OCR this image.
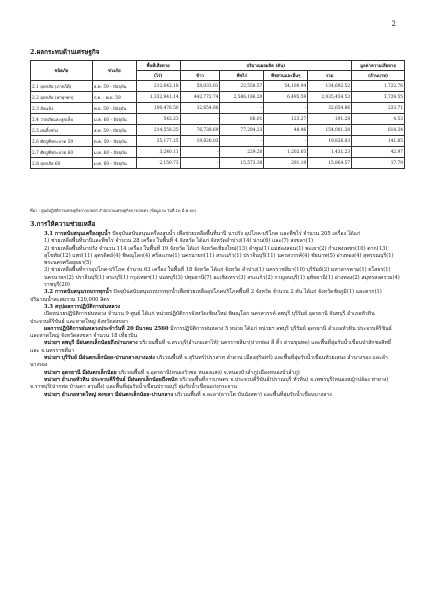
2
2.ผลกระทบด้านเศรษฐกิจ
ชนิดภัย	ช่วงภัย	พื้นที่เสียหาย	ปริมาณผลผลิต (ตัน)				มูลค่าความเสียหาย
		(ไร่)	ข้าว	พืชไร่	พืชสวนและอื่นๆ	รวม	(ล้านบาท)
2.1 อุทกภัย (ภาคใต้)	ธ.ค. 59 - ปัจจุบัน	212,642.18	58,033.01	22,558.57	54,100.94	134,692.52	1,722.76
2.2 อุทกภัย (พายุฯลฯ)	ก.ย. - พ.ย. 59	1,332,941.14	442,772.74	2,586,186.20	6,495.59	2,035,454.53	3,729.55
2.3 ภัยแล้ง	พ.ย. 59 - ปัจจุบัน	100,476.50	32,654.86	-	-	32,654.86	233.71
2.4 วาตภัยและลูกเห็บ	ม.ค. 60 - ปัจจุบัน	542.23	-	66.01	123.27	191.28	4.53
2.5 ฝนทิ้งช่วง	ส.ค. 59 - ปัจจุบัน	214,558.25	76,738.69	77,294.23	48.46	154,081.38	614.34
2.6 ศัตรูพืชระบาด 59	ต.ค. 59 - ปัจจุบัน	35,177.25	19,826.03	-	-	19,826.03	141.85
2.7 ศัตรูพืชระบาด 60	ม.ค. 60 - ปัจจุบัน	3,240.11	-	229.20	1,202.03	1,431.23	42.97
2.8 อุทกภัย 60	ม.ค. 60 - ปัจจุบัน	2,150.73	-	15,573.38	291.19	15,864.57	17.79
ที่มา : ศูนย์ปฏิบัติการเศรษฐกิจการเกษตร สำนักงานเศรษฐกิจการเกษตร (ข้อมูล ณ วันที่ 16 มี.ค.60)
3.การให้ความช่วยเหลือ
3.1 การสนับสนุนเครื่องสูบน้ำ ปัจจุบันสนับสนุนเครื่องสูบน้ำ เพื่อช่วยเหลือพื้นที่นาปี นาปรัง อุปโภค-บริโภค และพืชไร่ จำนวน 205 เครื่อง ได้แก่
1) ช่วยเหลือพื้นที่นาปีและพืชไร่ จำนวน 28 เครื่อง ในพื้นที่ 4 จังหวัด ได้แก่ จังหวัดลำปาง(14) น่าน(6) และ(7) สงขลา(1)
2) ช่วยเหลือพื้นที่นาปรัง จำนวน 114 เครื่อง ในพื้นที่ 19 จังหวัด ได้แก่ จังหวัดเชียงใหม่(13) ลำพูน(1) แม่ฮ่องสอน(1) พะเยา(2) กำแพงเพชร(10) ตาก(13) สุโขทัย(12) แพร่(11) อุตรดิตถ์(4) พิษณุโลก(4) ศรีสะเกษ(1) นครนายก(11) สระแก้ว(1) ปราจีนบุรี(11) นครสวรรค์(4) ชัยนาท(5) อ่างทอง(4) สุพรรณบุรี(1) พระนครศรีอยุธยา(5)
3) ช่วยเหลือพื้นที่การอุปโภค-บริโภค จำนวน 63 เครื่อง ในพื้นที่ 18 จังหวัด ได้แก่ จังหวัด ลำปาง(1) นครราชสีมา(10) บุรีรัมย์(2) มหาสารคาม(1) ยโสธร(1) นครนายก(2) ปราจีนบุรี(1) สระบุรี(1) กรุงเทพฯ(1) นนทบุรี(3) ปทุมธานี(7) ฉะเชิงเทรา(3) สระแก้ว(2) กาญจนบุรี(1) อุทัยธานี(1) อ่างทอง(2) สมุทรสงคราม(4) ราชบุรี(20)
3.2 การสนับสนุนรถบรรทุกน้ำ ปัจจุบันสนับสนุนรถบรรทุกน้ำเพื่อช่วยเหลืออุปโภคบริโภคพื้นที่ 2 จังหวัด จำนวน 2 คัน ได้แก่ จังหวัดชัยภูมิ(1) และตาก(1) ปริมาณน้ำสะสมรวม 120,000 ลิตร
3.3 สรุปผลการปฏิบัติการฝนหลวง
เปิดหน่วยปฏิบัติการฝนหลวง จำนวน 9 ศูนย์ ได้แก่ หน่วยปฏิบัติการจังหวัดเชียงใหม่ พิษณุโลก นครสวรรค์ ลพบุรี บุรีรัมย์ อุดรธานี จันทบุรี อำเภอหัวหิน ประจวบคีรีขันธ์ และหาดใหญ่ จังหวัดสงขลา
ผลการปฏิบัติการฝนหลวงประจำวันที่ 20 มีนาคม 2560 มีการปฏิบัติการฝนหลวง 5 หน่วย ได้แก่ หน่วยฯ ลพบุรี บุรีรัมย์ อุดรธานี อำเภอหัวหิน ประจวบคีรีขันธ์ และหาดใหญ่ จังหวัดสงขลา จำนวน 18 เที่ยวบิน
หน่วยฯ ลพบุรี มีฝนตกเล็กน้อยถึงปานกลาง บริเวณพื้นที่ จ.สระบุรี(อำเภอเสาไห้) นครราชสีมา(ปากช่อง สี่ คิ้ว ด่านขุนทด) และพื้นที่ลุ่มรับน้ำเขื่อนป่าสักชลสิทธิ์ และ จ.นครราชสีมา
หน่วยฯ บุรีรัมย์ มีฝนตกเล็กน้อย-ปานกลางบางแห่ง บริเวณพื้นที่ จ.สุรินทร์(ปราสาท ลำดวน เมืองสุรินทร์) และพื้นที่ลุ่มรับน้ำเขื่อนห้วยเสนง ลำนางรอง และลำนางรอง
หน่วยฯ อุดรธานี มีฝนตกเล็กน้อย บริเวณพื้นที่ จ.อุดรธานี(หนองวัวซอ หนองแสง) จ.หนองบัวลำภู(เมืองหนองบัวลำภู)
หน่วยฯ อำเภอหัวหิน ประจวบคีรีขันธ์ มีฝนตกเล็กน้อยถึงหนัก บริเวณพื้นที่การเกษตร จ.ประจวบคีรีขันธ์(ปราณบุรี หัวหิน) จ.เพชรบุรี(หนองหญ้าปล้อง ท่ายาง) จ.ราชบุรี(ปากท่อ บ้านคา สวนผึ้ง) และพื้นที่ลุ่มรับน้ำเขื่อนปราณบุรี ลุ่มรับน้ำเขื่อนแก่งกระจาน
หน่วยฯ อำเภอหาดใหญ่ สงขลา มีฝนตกเล็กน้อย-ปานกลาง บริเวณพื้นที่ จ.ยะลา(ธารโต บันนังสตา) และพื้นที่ลุ่มรับน้ำเขื่อนบางลาง
